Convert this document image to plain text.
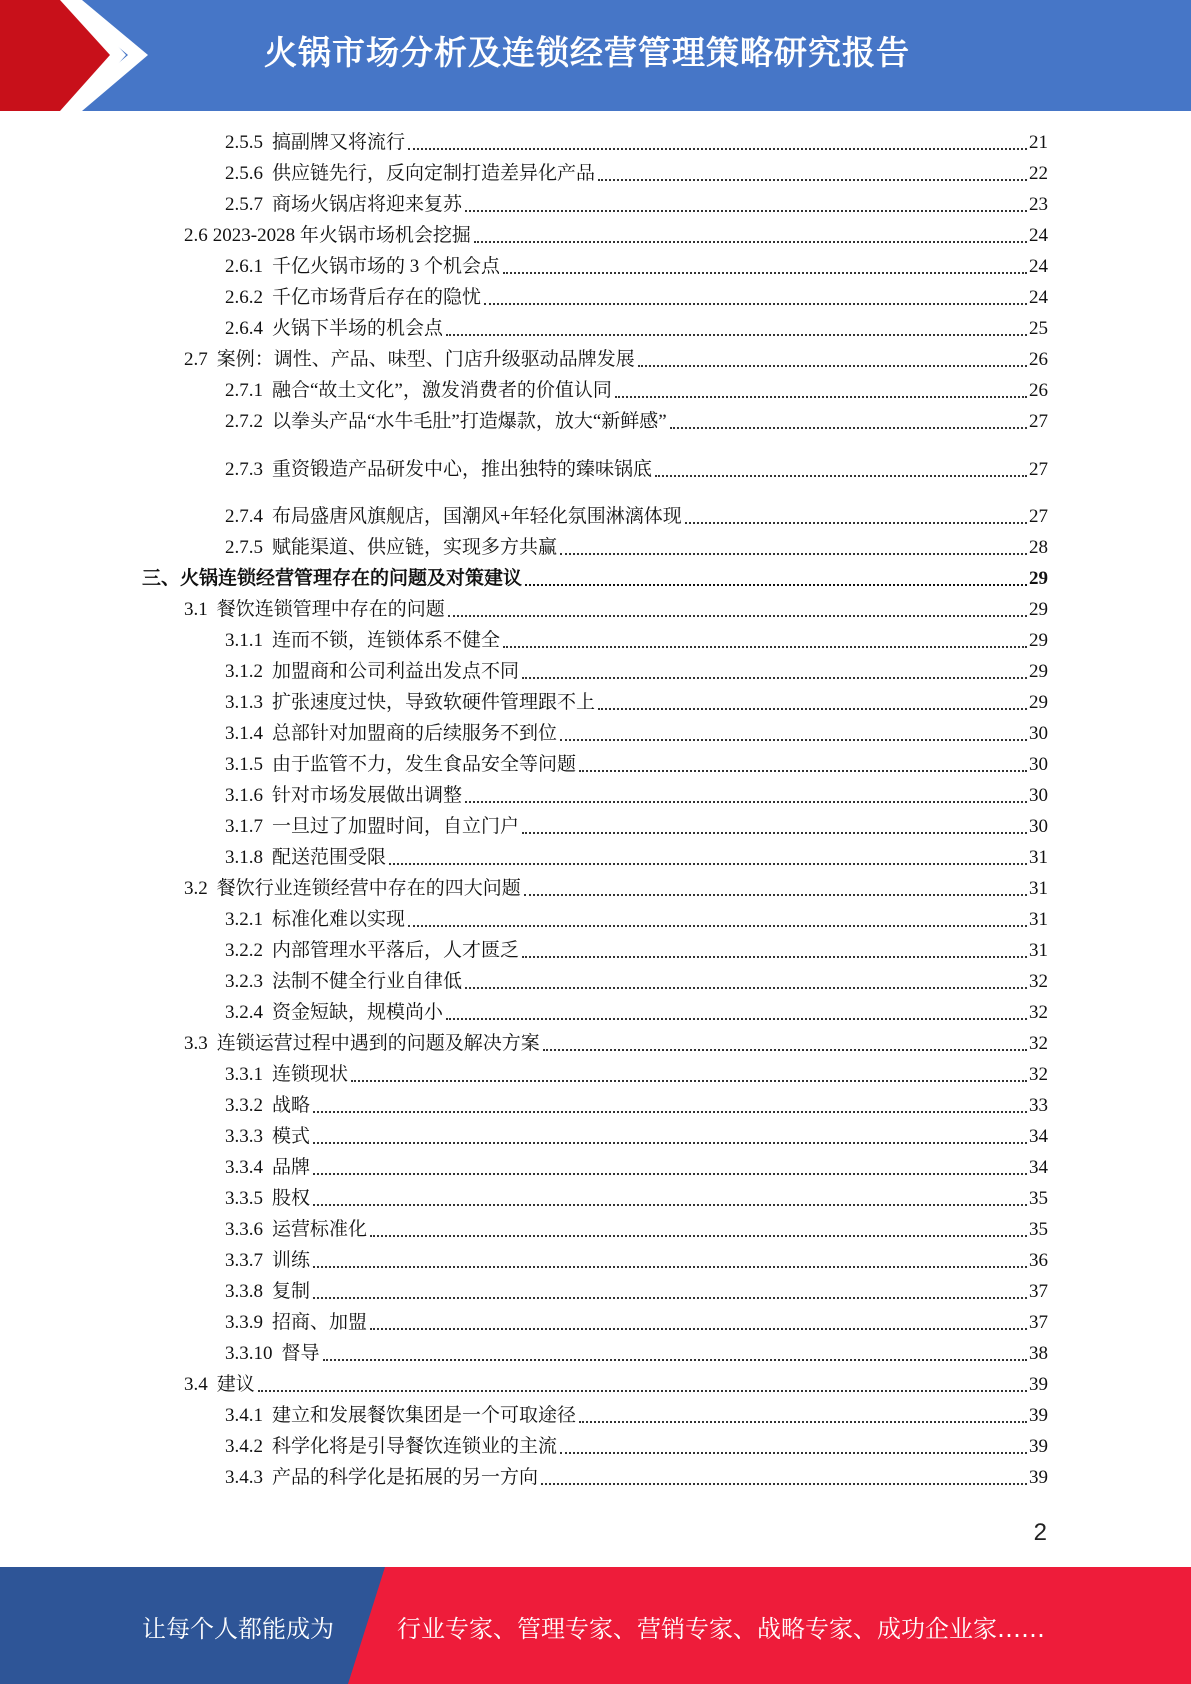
火锅市场分析及连锁经营管理策略研究报告
2.5.5 搞副牌又将流行	21
2.5.6 供应链先行，反向定制打造差异化产品	22
2.5.7 商场火锅店将迎来复苏	23
2.6 2023-2028 年火锅市场机会挖掘	24
2.6.1 千亿火锅市场的 3 个机会点	24
2.6.2 千亿市场背后存在的隐忧	24
2.6.4 火锅下半场的机会点	25
2.7 案例：调性、产品、味型、门店升级驱动品牌发展	26
2.7.1 融合“故土文化”，激发消费者的价值认同	26
2.7.2 以拳头产品“水牛毛肚”打造爆款，放大“新鲜感”	27
2.7.3 重资锻造产品研发中心，推出独特的臻味锅底	27
2.7.4 布局盛唐风旗舰店，国潮风+年轻化氛围淋漓体现	27
2.7.5 赋能渠道、供应链，实现多方共赢	28
三、 火锅连锁经营管理存在的问题及对策建议	29
3.1 餐饮连锁管理中存在的问题	29
3.1.1 连而不锁，连锁体系不健全	29
3.1.2 加盟商和公司利益出发点不同	29
3.1.3 扩张速度过快，导致软硬件管理跟不上	29
3.1.4 总部针对加盟商的后续服务不到位	30
3.1.5 由于监管不力，发生食品安全等问题	30
3.1.6 针对市场发展做出调整	30
3.1.7 一旦过了加盟时间，自立门户	30
3.1.8 配送范围受限	31
3.2 餐饮行业连锁经营中存在的四大问题	31
3.2.1 标准化难以实现	31
3.2.2 内部管理水平落后，人才匮乏	31
3.2.3 法制不健全行业自律低	32
3.2.4 资金短缺，规模尚小	32
3.3 连锁运营过程中遇到的问题及解决方案	32
3.3.1 连锁现状	32
3.3.2 战略	33
3.3.3 模式	34
3.3.4 品牌	34
3.3.5 股权	35
3.3.6 运营标准化	35
3.3.7 训练	36
3.3.8 复制	37
3.3.9 招商、加盟	37
3.3.10 督导	38
3.4 建议	39
3.4.1 建立和发展餐饮集团是一个可取途径	39
3.4.2 科学化将是引导餐饮连锁业的主流	39
3.4.3 产品的科学化是拓展的另一方向	39
2
让每个人都能成为	行业专家、管理专家、营销专家、战略专家、成功企业家……
